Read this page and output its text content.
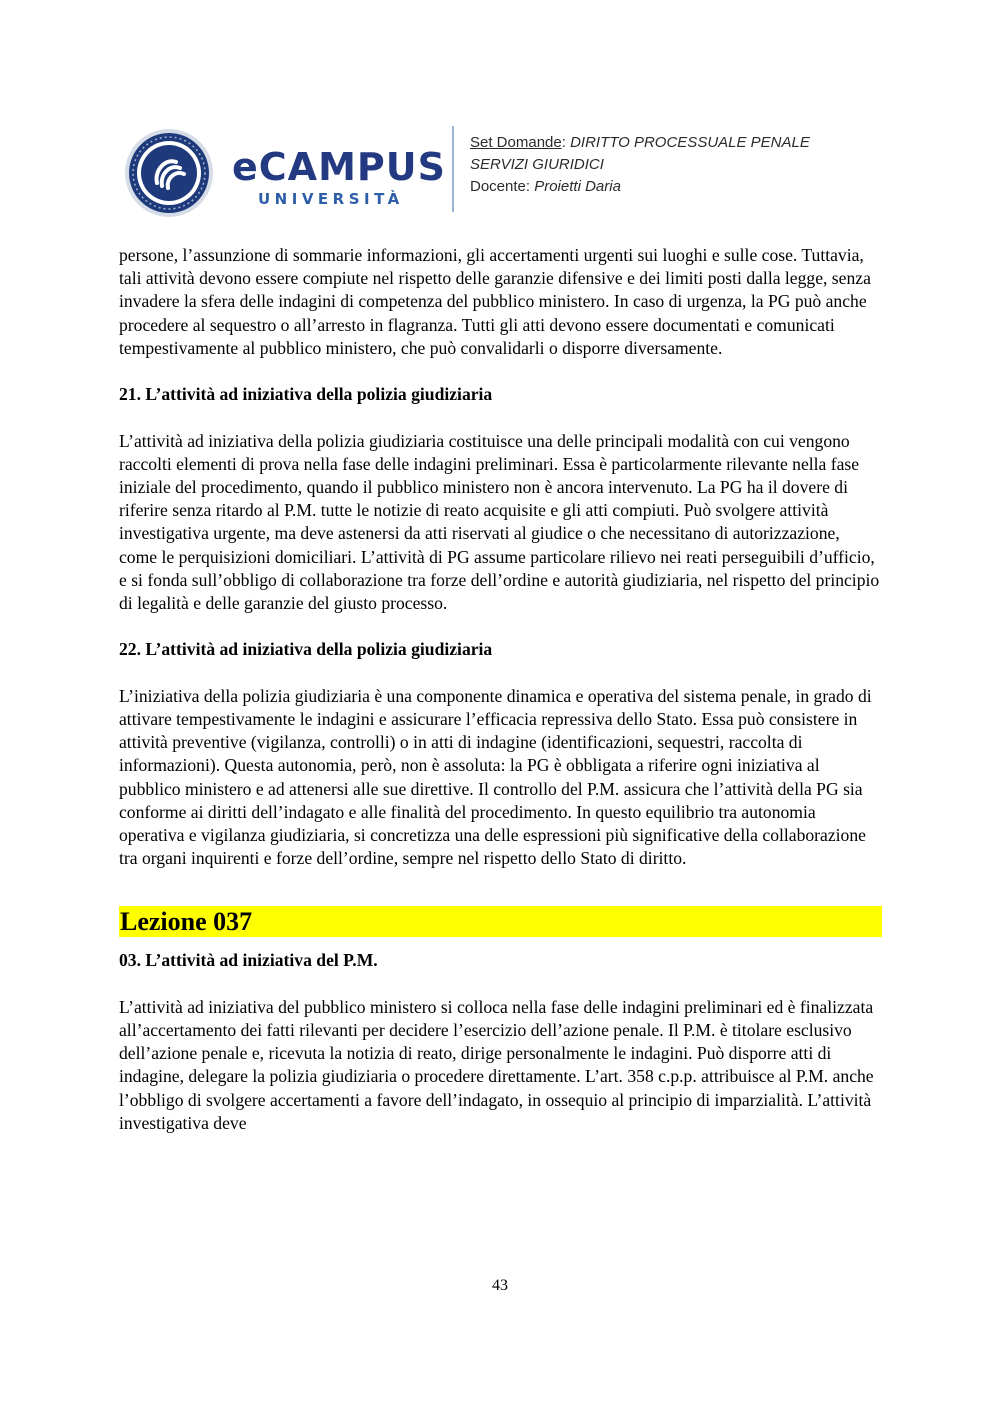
eCAMPUS
UNIVERSITÀ
Set Domande: DIRITTO PROCESSUALE PENALE
SERVIZI GIURIDICI
Docente: Proietti Daria

persone, l’assunzione di sommarie informazioni, gli accertamenti urgenti sui luoghi e sulle cose. Tuttavia, tali attività devono essere compiute nel rispetto delle garanzie difensive e dei limiti posti dalla legge, senza invadere la sfera delle indagini di competenza del pubblico ministero. In caso di urgenza, la PG può anche procedere al sequestro o all’arresto in flagranza. Tutti gli atti devono essere documentati e comunicati tempestivamente al pubblico ministero, che può convalidarli o disporre diversamente.

21. L’attività ad iniziativa della polizia giudiziaria

L’attività ad iniziativa della polizia giudiziaria costituisce una delle principali modalità con cui vengono raccolti elementi di prova nella fase delle indagini preliminari. Essa è particolarmente rilevante nella fase iniziale del procedimento, quando il pubblico ministero non è ancora intervenuto. La PG ha il dovere di riferire senza ritardo al P.M. tutte le notizie di reato acquisite e gli atti compiuti. Può svolgere attività investigativa urgente, ma deve astenersi da atti riservati al giudice o che necessitano di autorizzazione, come le perquisizioni domiciliari. L’attività di PG assume particolare rilievo nei reati perseguibili d’ufficio, e si fonda sull’obbligo di collaborazione tra forze dell’ordine e autorità giudiziaria, nel rispetto del principio di legalità e delle garanzie del giusto processo.

22. L’attività ad iniziativa della polizia giudiziaria

L’iniziativa della polizia giudiziaria è una componente dinamica e operativa del sistema penale, in grado di attivare tempestivamente le indagini e assicurare l’efficacia repressiva dello Stato. Essa può consistere in attività preventive (vigilanza, controlli) o in atti di indagine (identificazioni, sequestri, raccolta di informazioni). Questa autonomia, però, non è assoluta: la PG è obbligata a riferire ogni iniziativa al pubblico ministero e ad attenersi alle sue direttive. Il controllo del P.M. assicura che l’attività della PG sia conforme ai diritti dell’indagato e alle finalità del procedimento. In questo equilibrio tra autonomia operativa e vigilanza giudiziaria, si concretizza una delle espressioni più significative della collaborazione tra organi inquirenti e forze dell’ordine, sempre nel rispetto dello Stato di diritto.

Lezione 037
03. L’attività ad iniziativa del P.M.

L’attività ad iniziativa del pubblico ministero si colloca nella fase delle indagini preliminari ed è finalizzata all’accertamento dei fatti rilevanti per decidere l’esercizio dell’azione penale. Il P.M. è titolare esclusivo dell’azione penale e, ricevuta la notizia di reato, dirige personalmente le indagini. Può disporre atti di indagine, delegare la polizia giudiziaria o procedere direttamente. L’art. 358 c.p.p. attribuisce al P.M. anche l’obbligo di svolgere accertamenti a favore dell’indagato, in ossequio al principio di imparzialità. L’attività investigativa deve

43
